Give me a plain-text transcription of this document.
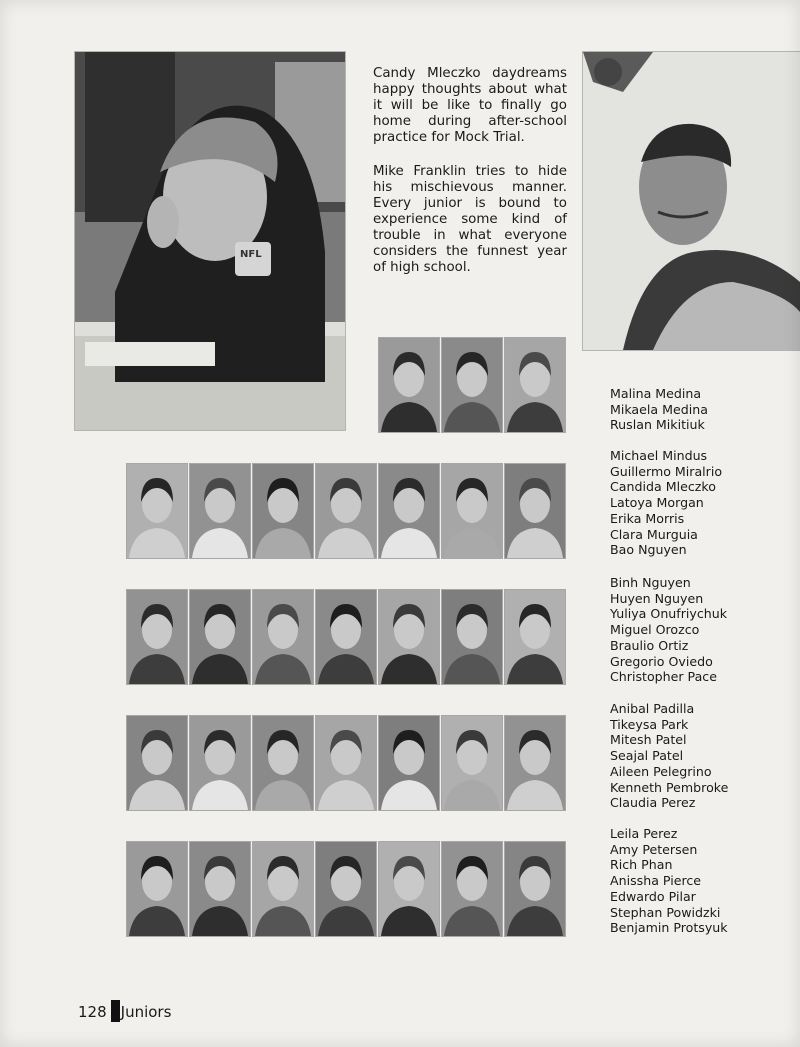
NFL

Candy Mleczko daydreams happy thoughts about what it will be like to finally go home during after-school practice for Mock Trial.

Mike Franklin tries to hide his mischievous manner. Every junior is bound to experience some kind of trouble in what everyone considers the funnest year of high school.

Malina Medina
Mikaela Medina
Ruslan Mikitiuk
Michael Mindus
Guillermo Miralrio
Candida Mleczko
Latoya Morgan
Erika Morris
Clara Murguia
Bao Nguyen
Binh Nguyen
Huyen Nguyen
Yuliya Onufriychuk
Miguel Orozco
Braulio Ortiz
Gregorio Oviedo
Christopher Pace
Anibal Padilla
Tikeysa Park
Mitesh Patel
Seajal Patel
Aileen Pelegrino
Kenneth Pembroke
Claudia Perez
Leila Perez
Amy Petersen
Rich Phan
Anissha Pierce
Edwardo Pilar
Stephan Powidzki
Benjamin Protsyuk
128 Juniors
